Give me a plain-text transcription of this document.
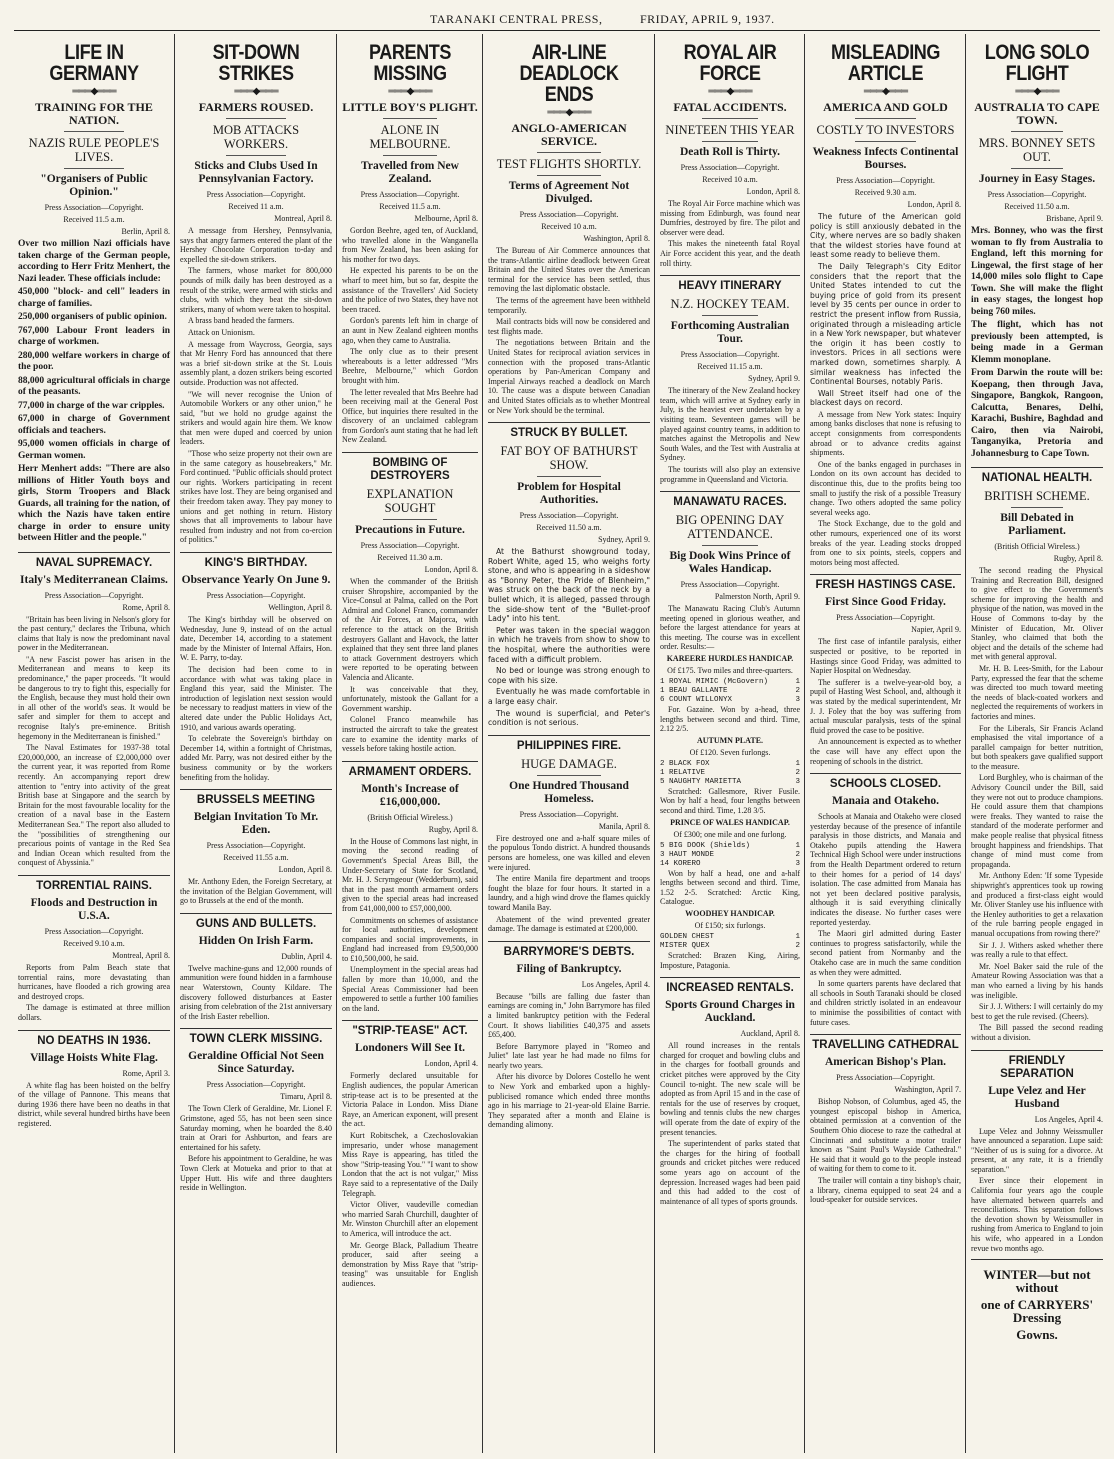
TARANAKI CENTRAL PRESS,	FRIDAY, APRIL 9, 1937.
LIFE IN GERMANY
═══◆═══
TRAINING FOR THE NATION.
NAZIS RULE PEOPLE'S LIVES.
"Organisers of Public Opinion."
Press Association—Copyright.
Received 11.5 a.m.
Berlin, April 8.

Over two million Nazi officials have taken charge of the German people, according to Herr Fritz Menhert, the Nazi leader. These officials include:

450,000 "block- and cell" leaders in charge of families.

250,000 organisers of public opinion.

767,000 Labour Front leaders in charge of workmen.

280,000 welfare workers in charge of the poor.

88,000 agricultural officials in charge of the peasants.

77,000 in charge of the war cripples.

67,000 in charge of Government officials and teachers.

95,000 women officials in charge of German women.

Herr Menhert adds: "There are also millions of Hitler Youth boys and girls, Storm Troopers and Black Guards, all training for the nation, of which the Nazis have taken entire charge in order to ensure unity between Hitler and the people."

NAVAL SUPREMACY.
Italy's Mediterranean Claims.
Press Association—Copyright.
Rome, April 8.

"Britain has been living in Nelson's glory for the past century," declares the Tribuna, which claims that Italy is now the predominant naval power in the Mediterranean.

"A new Fascist power has arisen in the Mediterranean and means to keep its predominance," the paper proceeds. "It would be dangerous to try to fight this, especially for the English, because they must hold their own in all other of the world's seas. It would be safer and simpler for them to accept and recognise Italy's pre-eminence. British hegemony in the Mediterranean is finished."

The Naval Estimates for 1937-38 total £20,000,000, an increase of £2,000,000 over the current year, it was reported from Rome recently. An accompanying report drew attention to "entry into activity of the great British base at Singapore and the search by Britain for the most favourable locality for the creation of a naval base in the Eastern Mediterranean Sea." The report also alluded to the "possibilities of strengthening our precarious points of vantage in the Red Sea and Indian Ocean which resulted from the conquest of Abyssinia."

TORRENTIAL RAINS.
Floods and Destruction in U.S.A.
Press Association—Copyright.
Received 9.10 a.m.
Montreal, April 8.

Reports from Palm Beach state that torrential rains, more devastating than hurricanes, have flooded a rich growing area and destroyed crops.

The damage is estimated at three million dollars.

NO DEATHS IN 1936.
Village Hoists White Flag.
Rome, April 3.

A white flag has been hoisted on the belfry of the village of Pannone. This means that during 1936 there have been no deaths in that district, while several hundred births have been registered.

SIT-DOWN STRIKES
═══◆═══
FARMERS ROUSED.
MOB ATTACKS WORKERS.
Sticks and Clubs Used In Pennsylvanian Factory.
Press Association—Copyright.
Received 11 a.m.
Montreal, April 8.

A message from Hershey, Pennsylvania, says that angry farmers entered the plant of the Hershey Chocolate Corporation to-day and expelled the sit-down strikers.

The farmers, whose market for 800,000 pounds of milk daily has been destroyed as a result of the strike, were armed with sticks and clubs, with which they beat the sit-down strikers, many of whom were taken to hospital.

A brass band headed the farmers.

Attack on Unionism.

A message from Waycross, Georgia, says that Mr Henry Ford has announced that there was a brief sit-down strike at the St. Louis assembly plant, a dozen strikers being escorted outside. Production was not affected.

"We will never recognise the Union of Automobile Workers or any other union," he said, "but we hold no grudge against the strikers and would again hire them. We know that men were duped and coerced by union leaders.

"Those who seize property not their own are in the same category as housebreakers," Mr. Ford continued. "Public officials should protect our rights. Workers participating in recent strikes have lost. They are being organised and their freedom taken away. They pay money to unions and get nothing in return. History shows that all improvements to labour have resulted from industry and not from co-ercion of politics."

KING'S BIRTHDAY.
Observance Yearly On June 9.
Press Association—Copyright.
Wellington, April 8.

The King's birthday will be observed on Wednesday, June 9, instead of on the actual date, December 14, according to a statement made by the Minister of Internal Affairs, Hon. W. E. Parry, to-day.

The decision had been come to in accordance with what was taking place in England this year, said the Minister. The introduction of legislation next session would be necessary to readjust matters in view of the altered date under the Public Holidays Act, 1910, and various awards operating.

To celebrate the Sovereign's birthday on December 14, within a fortnight of Christmas, added Mr. Parry, was not desired either by the business community or by the workers benefiting from the holiday.

BRUSSELS MEETING
Belgian Invitation To Mr. Eden.
Press Association—Copyright.
Received 11.55 a.m.
London, April 8.

Mr. Anthony Eden, the Foreign Secretary, at the invitation of the Belgian Government, will go to Brussels at the end of the month.

GUNS AND BULLETS.
Hidden On Irish Farm.
Dublin, April 4.

Twelve machine-guns and 12,000 rounds of ammunition were found hidden in a farmhouse near Waterstown, County Kildare. The discovery followed disturbances at Easter arising from celebration of the 21st anniversary of the Irish Easter rebellion.

TOWN CLERK MISSING.
Geraldine Official Not Seen Since Saturday.
Press Association—Copyright.
Timaru, April 8.

The Town Clerk of Geraldine, Mr. Lionel F. Grimstone, aged 55, has not been seen since Saturday morning, when he boarded the 8.40 train at Orari for Ashburton, and fears are entertained for his safety.

Before his appointment to Geraldine, he was Town Clerk at Motueka and prior to that at Upper Hutt. His wife and three daughters reside in Wellington.

PARENTS MISSING
═══◆═══
LITTLE BOY'S PLIGHT.
ALONE IN MELBOURNE.
Travelled from New Zealand.
Press Association—Copyright.
Received 11.5 a.m.
Melbourne, April 8.

Gordon Beehre, aged ten, of Auckland, who travelled alone in the Wanganella from New Zealand, has been asking for his mother for two days.

He expected his parents to be on the wharf to meet him, but so far, despite the assistance of the Travellers' Aid Society and the police of two States, they have not been traced.

Gordon's parents left him in charge of an aunt in New Zealand eighteen months ago, when they came to Australia.

The only clue as to their present whereabouts is a letter addressed "Mrs Beehre, Melbourne," which Gordon brought with him.

The letter revealed that Mrs Beehre had been receiving mail at the General Post Office, but inquiries there resulted in the discovery of an unclaimed cablegram from Gordon's aunt stating that he had left New Zealand.

BOMBING OF DESTROYERS
EXPLANATION SOUGHT
Precautions in Future.
Press Association—Copyright.
Received 11.30 a.m.
London, April 8.

When the commander of the British cruiser Shropshire, accompanied by the Vice-Consul at Palma, called on the Port Admiral and Colonel Franco, commander of the Air Forces, at Majorca, with reference to the attack on the British destroyers Gallant and Havock, the latter explained that they sent three land planes to attack Government destroyers which were reported to be operating between Valencia and Alicante.

It was conceivable that they, unfortunately, mistook the Gallant for a Government warship.

Colonel Franco meanwhile has instructed the aircraft to take the greatest care to examine the identity marks of vessels before taking hostile action.

ARMAMENT ORDERS.
Month's Increase of £16,000,000.
(British Official Wireless.)
Rugby, April 8.

In the House of Commons last night, in moving the second reading of Government's Special Areas Bill, the Under-Secretary of State for Scotland, Mr. H. J. Scrymgeour (Wedderburn), said that in the past month armament orders given to the special areas had increased from £41,000,000 to £57,000,000.

Commitments on schemes of assistance for local authorities, development companies and social improvements, in England had increased from £9,500,000 to £10,500,000, he said.

Unemployment in the special areas had fallen by more than 10,000, and the Special Areas Commissioner had been empowered to settle a further 100 families on the land.

"STRIP-TEASE" ACT.
Londoners Will See It.
London, April 4.

Formerly declared unsuitable for English audiences, the popular American strip-tease act is to be presented at the Victoria Palace in London. Miss Diane Raye, an American exponent, will present the act.

Kurt Robitschek, a Czechoslovakian impresario, under whose management Miss Raye is appearing, has titled the show "Strip-teasing You." "I want to show London that the act is not vulgar," Miss Raye said to a representative of the Daily Telegraph.

Victor Oliver, vaudeville comedian who married Sarah Churchill, daughter of Mr. Winston Churchill after an elopement to America, will introduce the act.

Mr. George Black, Palladium Theatre producer, said after seeing a demonstration by Miss Raye that "strip-teasing" was unsuitable for English audiences.

AIR-LINE DEADLOCK ENDS
═══◆═══
ANGLO-AMERICAN SERVICE.
TEST FLIGHTS SHORTLY.
Terms of Agreement Not Divulged.
Press Association—Copyright.
Received 10 a.m.
Washington, April 8.

The Bureau of Air Commerce announces that the trans-Atlantic airline deadlock between Great Britain and the United States over the American terminal for the service has been settled, thus removing the last diplomatic obstacle.

The terms of the agreement have been withheld temporarily.

Mail contracts bids will now be considered and test flights made.

The negotiations between Britain and the United States for reciprocal aviation services in connection with the proposed trans-Atlantic operations by Pan-American Company and Imperial Airways reached a deadlock on March 10. The cause was a dispute between Canadian and United States officials as to whether Montreal or New York should be the terminal.

STRUCK BY BULLET.
FAT BOY OF BATHURST SHOW.
Problem for Hospital Authorities.
Press Association—Copyright.
Received 11.50 a.m.
Sydney, April 9.

At the Bathurst showground today, Robert White, aged 15, who weighs forty stone, and who is appearing in a sideshow as "Bonny Peter, the Pride of Blenheim," was struck on the back of the neck by a bullet which, it is alleged, passed through the side-show tent of the "Bullet-proof Lady" into his tent.

Peter was taken in the special waggon in which he travels from show to show to the hospital, where the authorities were faced with a difficult problem.

No bed or lounge was strong enough to cope with his size.

Eventually he was made comfortable in a large easy chair.

The wound is superficial, and Peter's condition is not serious.

PHILIPPINES FIRE.
HUGE DAMAGE.
One Hundred Thousand Homeless.
Press Association—Copyright.
Manila, April 8.

Fire destroyed one and a-half square miles of the populous Tondo district. A hundred thousands persons are homeless, one was killed and eleven were injured.

The entire Manila fire department and troops fought the blaze for four hours. It started in a laundry, and a high wind drove the flames quickly toward Manila Bay.

Abatement of the wind prevented greater damage. The damage is estimated at £200,000.

BARRYMORE'S DEBTS.
Filing of Bankruptcy.
Los Angeles, April 4.

Because "bills are falling due faster than earnings are coming in," John Barrymore has filed a limited bankruptcy petition with the Federal Court. It shows liabilities £40,375 and assets £65,400.

Before Barrymore played in "Romeo and Juliet" late last year he had made no films for nearly two years.

After his divorce by Dolores Costello he went to New York and embarked upon a highly-publicised romance which ended three months ago in his marriage to 21-year-old Elaine Barrie. They separated after a month and Elaine is demanding alimony.

ROYAL AIR FORCE
═══◆═══
FATAL ACCIDENTS.
NINETEEN THIS YEAR
Death Roll is Thirty.
Press Association—Copyright.
Received 10 a.m.
London, April 8.

The Royal Air Force machine which was missing from Edinburgh, was found near Dumfries, destroyed by fire. The pilot and observer were dead.

This makes the nineteenth fatal Royal Air Force accident this year, and the death roll thirty.

HEAVY ITINERARY
N.Z. HOCKEY TEAM.
Forthcoming Australian Tour.
Press Association—Copyright.
Received 11.15 a.m.
Sydney, April 9.

The itinerary of the New Zealand hockey team, which will arrive at Sydney early in July, is the heaviest ever undertaken by a visiting team. Seventeen games will be played against country teams, in addition to matches against the Metropolis and New South Wales, and the Test with Australia at Sydney.

The tourists will also play an extensive programme in Queensland and Victoria.

MANAWATU RACES.
BIG OPENING DAY ATTENDANCE.
Big Dook Wins Prince of Wales Handicap.
Press Association—Copyright.
Palmerston North, April 9.

The Manawatu Racing Club's Autumn meeting opened in glorious weather, and before the largest attendance for years at this meeting. The course was in excellent order. Results:—

KAREERE HURDLES HANDICAP.
Of £175. Two miles and three-quarters.
1 ROYAL MIMIC (McGovern)	1
1 BEAU GALLANTE	2
6 COUNT WILLONYX	3

For. Gazaine. Won by a-head, three lengths between second and third. Time, 2.12 2/5.

AUTUMN PLATE.
Of £120. Seven furlongs.
2 BLACK FOX	1
1 RELATIVE	2
5 NAUGHTY MARIETTA	3

Scratched: Gallesmore, River Fusile. Won by half a head, four lengths between second and third. Time, 1.28 3/5.

PRINCE OF WALES HANDICAP.
Of £300; one mile and one furlong.
5 BIG DOOK (Shields)	1
3 HAUT MONDE	2
14 KORERO	3

Won by half a head, one and a-half lengths between second and third. Time, 1.52 2-5. Scratched: Arctic King, Catalogue.

WOODHEY HANDICAP.
Of £150; six furlongs.
GOLDEN CHEST	1
MISTER QUEX	2

Scratched: Brazen King, Airing, Imposture, Patagonia.

INCREASED RENTALS.
Sports Ground Charges in Auckland.
Auckland, April 8.

All round increases in the rentals charged for croquet and bowling clubs and in the charges for football grounds and cricket pitches were approved by the City Council to-night. The new scale will be adopted as from April 15 and in the case of rentals for the use of reserves by croquet, bowling and tennis clubs the new charges will operate from the date of expiry of the present tenancies.

The superintendent of parks stated that the charges for the hiring of football grounds and cricket pitches were reduced some years ago on account of the depression. Increased wages had been paid and this had added to the cost of maintenance of all types of sports grounds.

MISLEADING ARTICLE
═══◆═══
AMERICA AND GOLD
COSTLY TO INVESTORS
Weakness Infects Continental Bourses.
Press Association—Copyright.
Received 9.30 a.m.
London, April 8.

The future of the American gold policy is still anxiously debated in the City, where nerves are so badly shaken that the wildest stories have found at least some ready to believe them.

The Daily Telegraph's City Editor considers that the report that the United States intended to cut the buying price of gold from its present level by 35 cents per ounce in order to restrict the present inflow from Russia, originated through a misleading article in a New York newspaper, but whatever the origin it has been costly to investors. Prices in all sections were marked down, sometimes sharply. A similar weakness has infected the Continental Bourses, notably Paris.

Wall Street itself had one of the blackest days on record.

A message from New York states: Inquiry among banks discloses that none is refusing to accept consignments from correspondents abroad or to advance credits against shipments.

One of the banks engaged in purchases in London on its own account has decided to discontinue this, due to the profits being too small to justify the risk of a possible Treasury change. Two others adopted the same policy several weeks ago.

The Stock Exchange, due to the gold and other rumours, experienced one of its worst breaks of the year. Leading stocks dropped from one to six points, steels, coppers and motors being most affected.

FRESH HASTINGS CASE.
First Since Good Friday.
Press Association—Copyright.
Napier, April 9.

The first case of infantile paralysis, either suspected or positive, to be reported in Hastings since Good Friday, was admitted to Napier Hospital on Wednesday.

The sufferer is a twelve-year-old boy, a pupil of Hasting West School, and, although it was stated by the medical superintendent, Mr J. J. Foley that the boy was suffering from actual muscular paralysis, tests of the spinal fluid proved the case to be positive.

An announcement is expected as to whether the case will have any effect upon the reopening of schools in the district.

SCHOOLS CLOSED.
Manaia and Otakeho.

Schools at Manaia and Otakeho were closed yesterday because of the presence of infantile paralysis in those districts, and Manaia and Otakeho pupils attending the Hawera Technical High School were under instructions from the Health Department ordered to return to their homes for a period of 14 days' isolation. The case admitted from Manaia has not yet been declared positive paralysis, although it is said everything clinically indicates the disease. No further cases were reported yesterday.

The Maori girl admitted during Easter continues to progress satisfactorily, while the second patient from Normanby and the Otakeho case are in much the same condition as when they were admitted.

In some quarters parents have declared that all schools in South Taranaki should be closed and children strictly isolated in an endeavour to minimise the possibilities of contact with future cases.

TRAVELLING CATHEDRAL
American Bishop's Plan.
Press Association—Copyright.
Washington, April 7.

Bishop Nobson, of Columbus, aged 45, the youngest episcopal bishop in America, obtained permission at a convention of the Southern Ohio diocese to raze the cathedral at Cincinnati and substitute a motor trailer known as "Saint Paul's Wayside Cathedral." He said that it would go to the people instead of waiting for them to come to it.

The trailer will contain a tiny bishop's chair, a library, cinema equipped to seat 24 and a loud-speaker for outside services.

LONG SOLO FLIGHT
═══◆═══
AUSTRALIA TO CAPE TOWN.
MRS. BONNEY SETS OUT.
Journey in Easy Stages.
Press Association—Copyright.
Received 11.50 a.m.
Brisbane, April 9.

Mrs. Bonney, who was the first woman to fly from Australia to England, left this morning for Lingewal, the first stage of her 14,000 miles solo flight to Cape Town. She will make the flight in easy stages, the longest hop being 760 miles.

The flight, which has not previously been attempted, is being made in a German Klemm monoplane.

From Darwin the route will be: Koepang, then through Java, Singapore, Bangkok, Rangoon, Calcutta, Benares, Delhi, Karachi, Bushire, Baghdad and Cairo, then via Nairobi, Tanganyika, Pretoria and Johannesburg to Cape Town.

NATIONAL HEALTH.
BRITISH SCHEME.
Bill Debated in Parliament.
(British Official Wireless.)
Rugby, April 8.

The second reading the Physical Training and Recreation Bill, designed to give effect to the Government's scheme for improving the health and physique of the nation, was moved in the House of Commons to-day by the Minister of Education, Mr. Oliver Stanley, who claimed that both the object and the details of the scheme had met with general approval.

Mr. H. B. Lees-Smith, for the Labour Party, expressed the fear that the scheme was directed too much toward meeting the needs of black-coated workers and neglected the requirements of workers in factories and mines.

For the Liberals, Sir Francis Acland emphasised the vital importance of a parallel campaign for better nutrition, but both speakers gave qualified support to the measure.

Lord Burghley, who is chairman of the Advisory Council under the Bill, said they were not out to produce champions. He could assure them that champions were freaks. They wanted to raise the standard of the moderate performer and make people realise that physical fitness brought happiness and friendships. That change of mind must come from propaganda.

Mr. Anthony Eden: 'If some Typeside shipwright's apprentices took up rowing and produced a first-class eight would Mr. Oliver Stanley use his influence with the Henley authorities to get a relaxation of the rule barring people engaged in manual occupations from rowing there?'

Sir J. J. Withers asked whether there was really a rule to that effect.

Mr. Noel Baker said the rule of the Amateur Rowing Association was that a man who earned a living by his hands was ineligible.

Sir J. J. Withers: I will certainly do my best to get the rule revised. (Cheers).

The Bill passed the second reading without a division.

FRIENDLY SEPARATION
Lupe Velez and Her Husband
Los Angeles, April 4.

Lupe Velez and Johnny Weissmuller have announced a separation. Lupe said: "Neither of us is suing for a divorce. At present, at any rate, it is a friendly separation."

Ever since their elopement in California four years ago the couple have alternated between quarrels and reconciliations. This separation follows the devotion shown by Weissmuller in rushing from America to England to join his wife, who appeared in a London revue two months ago.

WINTER—but not without
one of CARRYERS' Dressing
Gowns.
